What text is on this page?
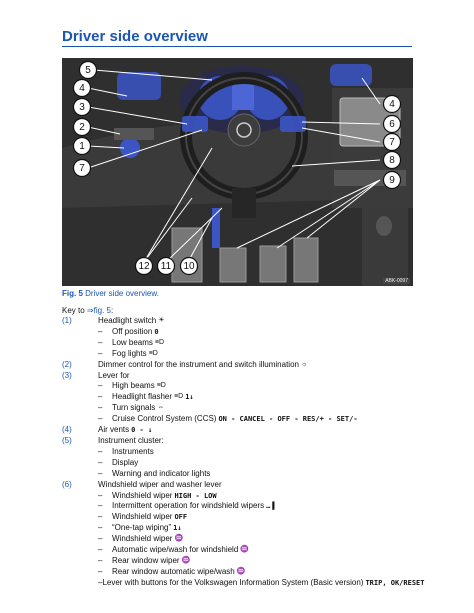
Driver side overview
1
2
3
4
5
6
7
7
8
9
10
11
12
4
ABK-0097
Fig. 5 Driver side overview.
Key to ⇒fig. 5:
(1)	Headlight switch ☀
–	Off position 0
–	Low beams ≡D
–	Fog lights ≡D
(2)	Dimmer control for the instrument and switch illumination ☼
(3)	Lever for
–	High beams ≡D
–	Headlight flasher ≡D 1↓
–	Turn signals ⇔
–	Cruise Control System (CCS) ON - CANCEL - OFF - RES/+ - SET/-
(4)	Air vents 0 - ↓
(5)	Instrument cluster:
–	Instruments
–	Display
–	Warning and indicator lights
(6)	Windshield wiper and washer lever
–	Windshield wiper HIGH - LOW
–	Intermittent operation for windshield wipers …▐
–	Windshield wiper OFF
–	“One-tap wiping” 1↓
–	Windshield wiper ♒
–	Automatic wipe/wash for windshield ♒
–	Rear window wiper ♒
–	Rear window automatic wipe/wash ♒
– Lever with buttons for the Volkswagen Information System (Basic version) TRIP, OK/RESET
